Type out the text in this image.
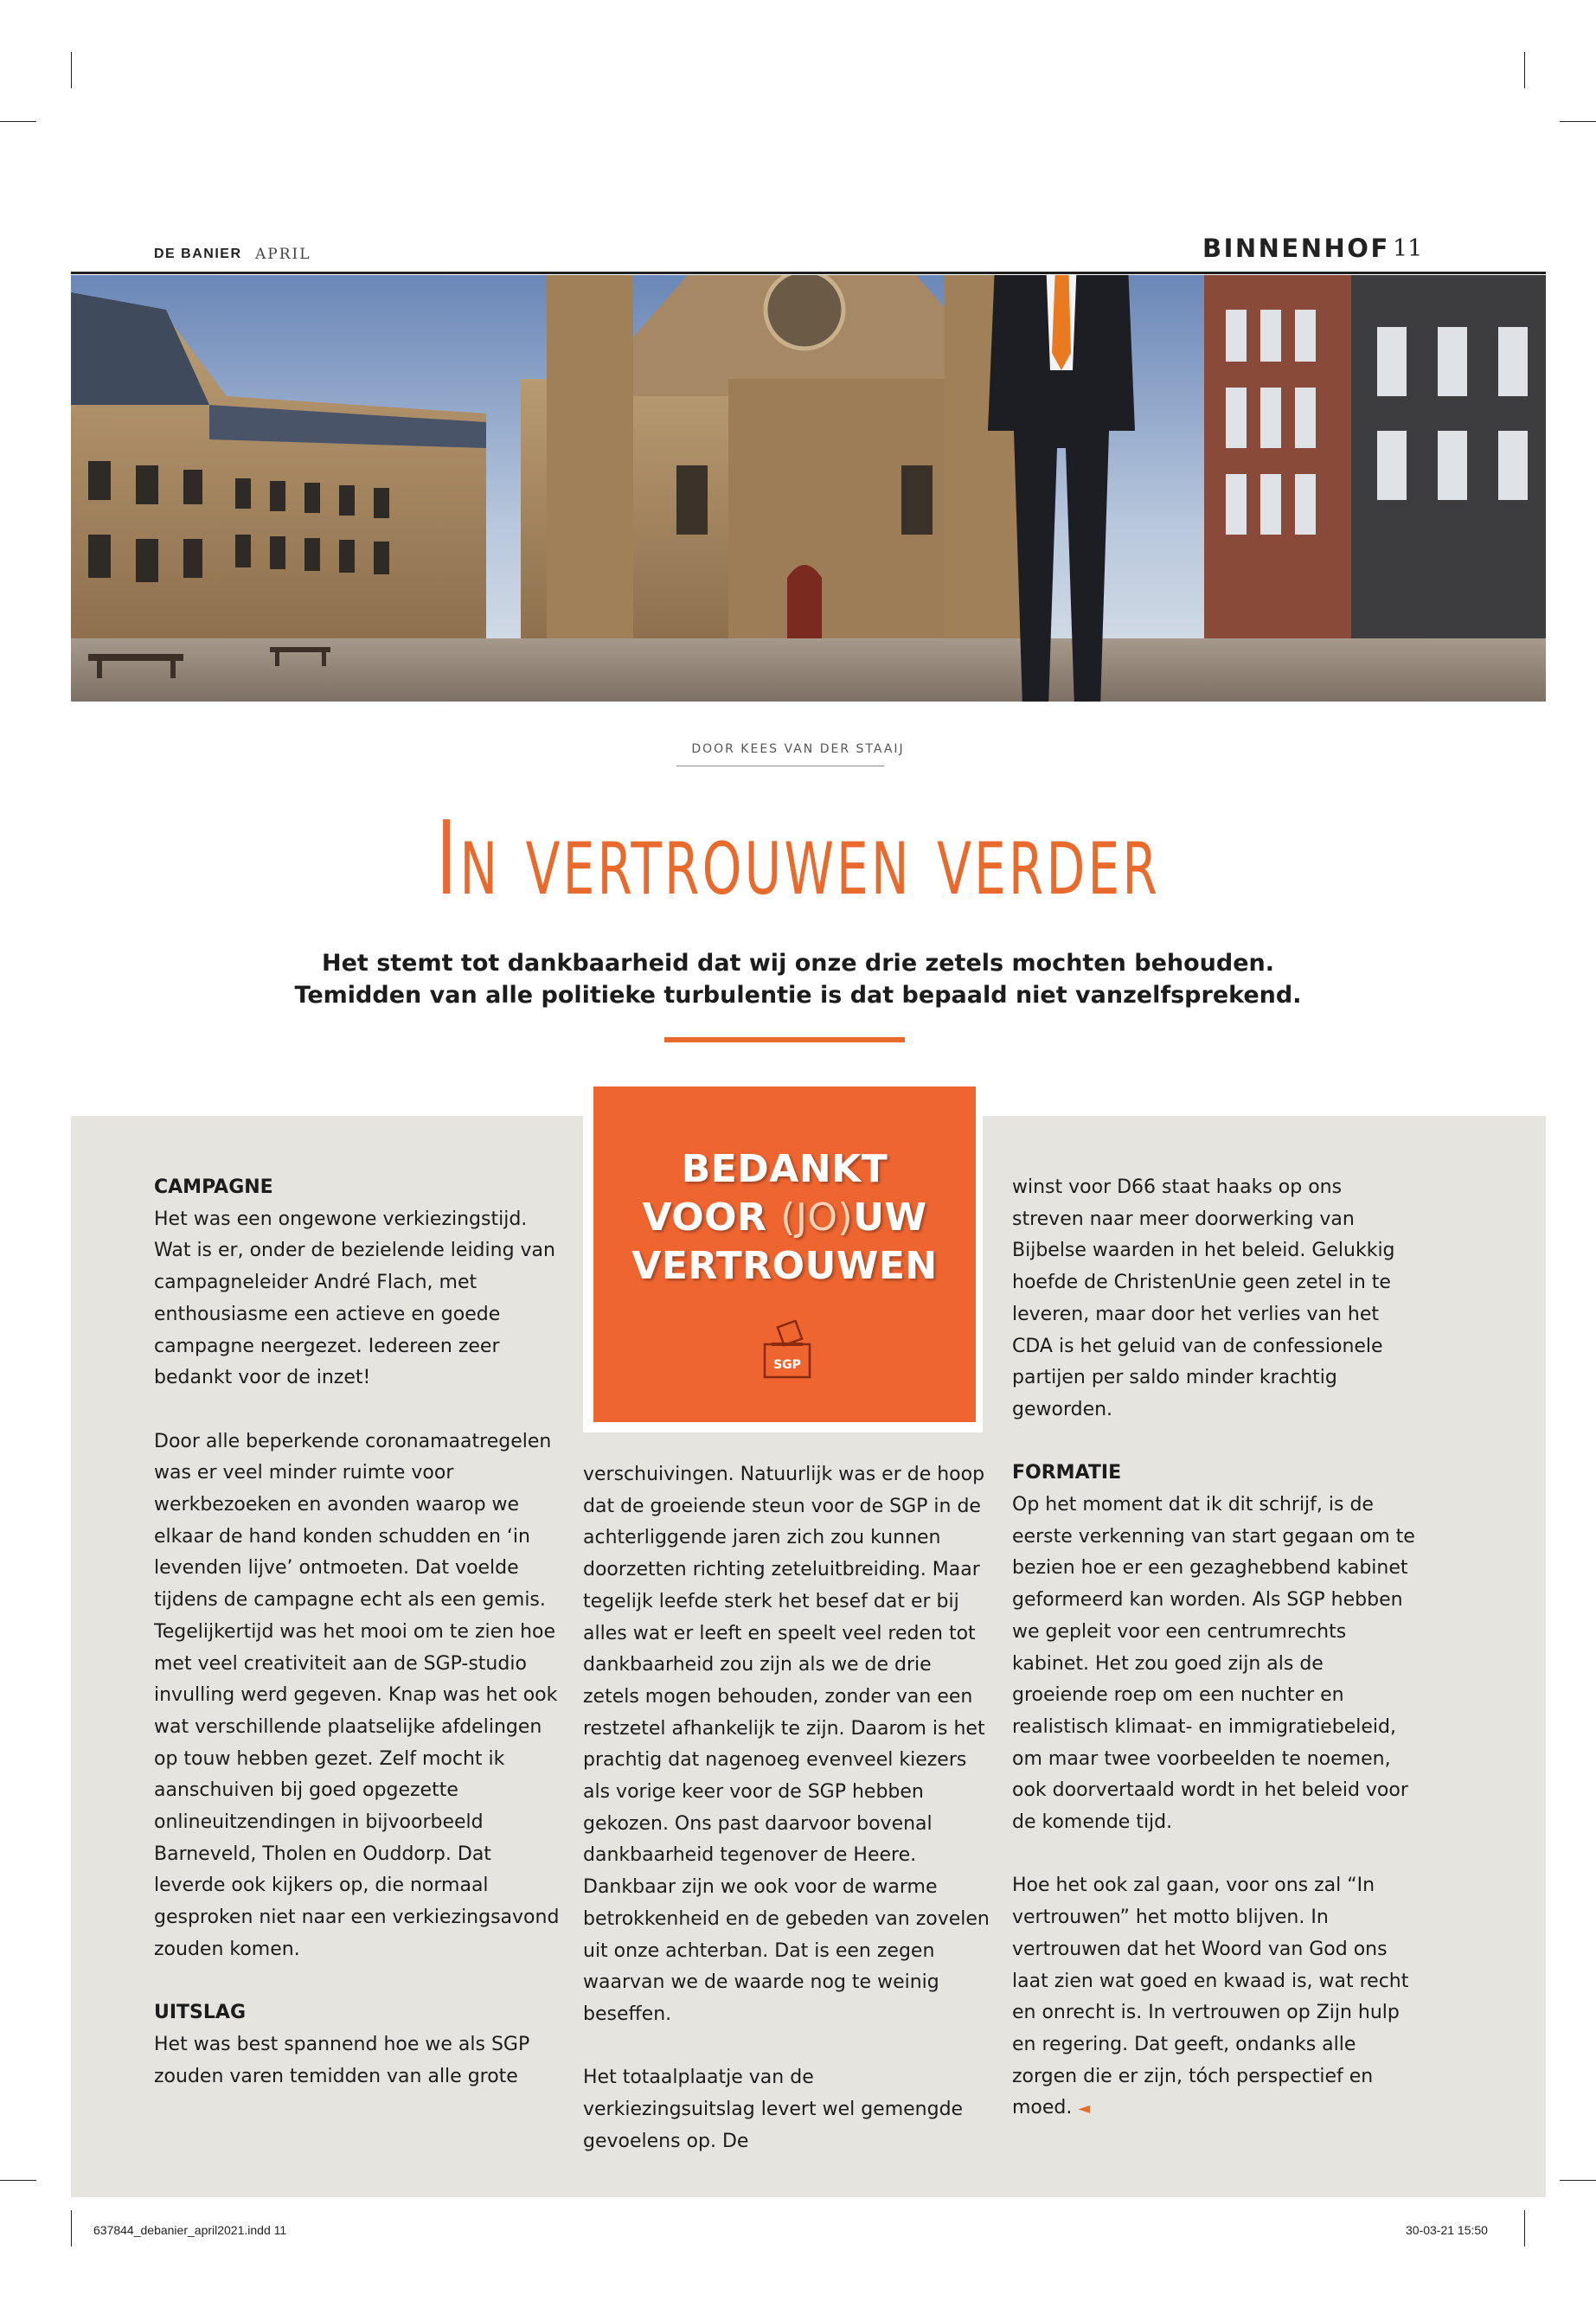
DE BANIER APRIL	BINNENHOF 11
DOOR KEES VAN DER STAAIJ
In vertrouwen verder
Het stemt tot dankbaarheid dat wij onze drie zetels mochten behouden.
Temidden van alle politieke turbulentie is dat bepaald niet vanzelfsprekend.
BEDANKT
VOOR (JO)UW
VERTROUWEN
SGP

CAMPAGNE

Het was een ongewone verkiezingstijd. Wat is er, onder de bezielende leiding van campagneleider André Flach, met enthousiasme een actieve en goede campagne neergezet. Iedereen zeer bedankt voor de inzet!

Door alle beperkende coronamaatregelen was er veel minder ruimte voor werkbezoeken en avonden waarop we elkaar de hand konden schudden en ‘in levenden lijve’ ontmoeten. Dat voelde tijdens de campagne echt als een gemis. Tegelijkertijd was het mooi om te zien hoe met veel creativiteit aan de SGP-studio invulling werd gegeven. Knap was het ook wat verschillende plaatselijke afdelingen op touw hebben gezet. Zelf mocht ik aanschuiven bij goed opgezette onlineuitzendingen in bijvoorbeeld Barneveld, Tholen en Ouddorp. Dat leverde ook kijkers op, die normaal gesproken niet naar een verkiezingsavond zouden komen.

UITSLAG

Het was best spannend hoe we als SGP zouden varen temidden van alle grote

verschuivingen. Natuurlijk was er de hoop dat de groeiende steun voor de SGP in de achterliggende jaren zich zou kunnen doorzetten richting zeteluitbreiding. Maar tegelijk leefde sterk het besef dat er bij alles wat er leeft en speelt veel reden tot dankbaarheid zou zijn als we de drie zetels mogen behouden, zonder van een restzetel afhankelijk te zijn. Daarom is het prachtig dat nagenoeg evenveel kiezers als vorige keer voor de SGP hebben gekozen. Ons past daarvoor bovenal dankbaarheid tegenover de Heere. Dankbaar zijn we ook voor de warme betrokkenheid en de gebeden van zovelen uit onze achterban. Dat is een zegen waarvan we de waarde nog te weinig beseffen.

Het totaalplaatje van de verkiezingsuitslag levert wel gemengde gevoelens op. De

winst voor D66 staat haaks op ons streven naar meer doorwerking van Bijbelse waarden in het beleid. Gelukkig hoefde de ChristenUnie geen zetel in te leveren, maar door het verlies van het CDA is het geluid van de confessionele partijen per saldo minder krachtig geworden.

FORMATIE

Op het moment dat ik dit schrijf, is de eerste verkenning van start gegaan om te bezien hoe er een gezaghebbend kabinet geformeerd kan worden. Als SGP hebben we gepleit voor een centrumrechts kabinet. Het zou goed zijn als de groeiende roep om een nuchter en realistisch klimaat- en immigratiebeleid, om maar twee voorbeelden te noemen, ook doorvertaald wordt in het beleid voor de komende tijd.

Hoe het ook zal gaan, voor ons zal “In vertrouwen” het motto blijven. In vertrouwen dat het Woord van God ons laat zien wat goed en kwaad is, wat recht en onrecht is. In vertrouwen op Zijn hulp en regering. Dat geeft, ondanks alle zorgen die er zijn, tóch perspectief en moed. ◄

637844_debanier_april2021.indd 11	30-03-21 15:50
